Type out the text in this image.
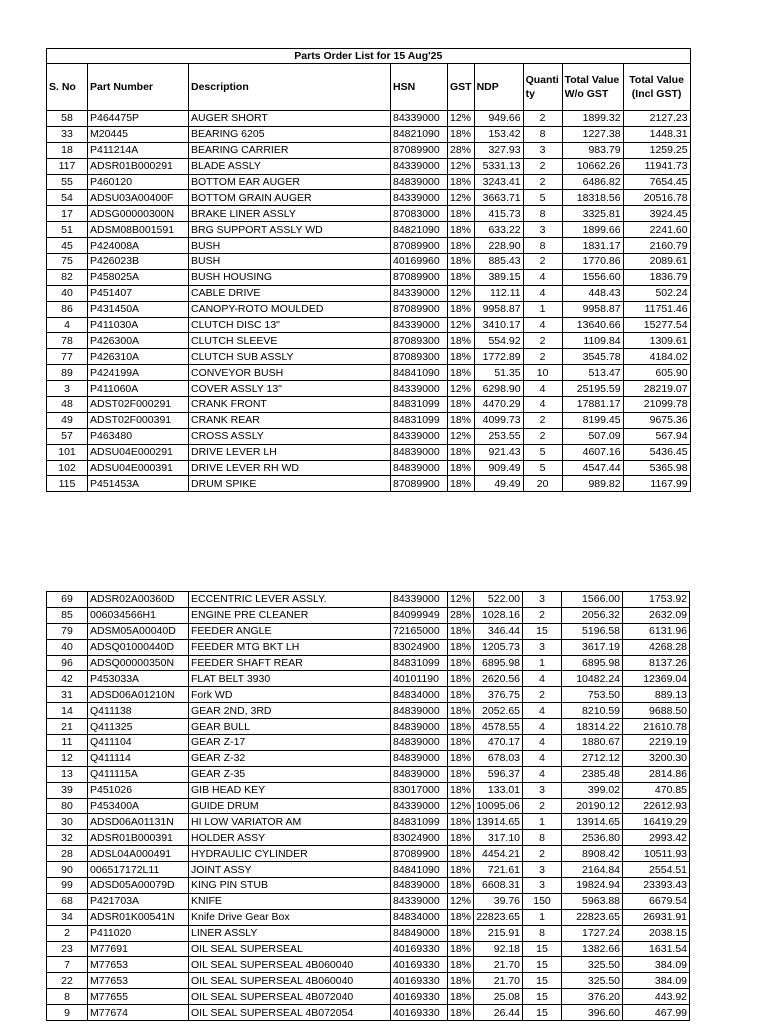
Parts Order List for 15 Aug'25								
S. No	Part Number	Description	HSN	GST	NDP	Quantity	Total Value W/o GST	Total Value (Incl GST)
58	P464475P	AUGER SHORT	84339000	12%	949.66	2	1899.32	2127.23
33	M20445	BEARING 6205	84821090	18%	153.42	8	1227.38	1448.31
18	P411214A	BEARING CARRIER	87089900	28%	327.93	3	983.79	1259.25
117	ADSR01B000291	BLADE ASSLY	84339000	12%	5331.13	2	10662.26	11941.73
55	P460120	BOTTOM EAR AUGER	84839000	18%	3243.41	2	6486.82	7654.45
54	ADSU03A00400F	BOTTOM GRAIN AUGER	84339000	12%	3663.71	5	18318.56	20516.78
17	ADSG00000300N	BRAKE LINER ASSLY	87083000	18%	415.73	8	3325.81	3924.45
51	ADSM08B001591	BRG SUPPORT ASSLY WD	84821090	18%	633.22	3	1899.66	2241.60
45	P424008A	BUSH	87089900	18%	228.90	8	1831.17	2160.79
75	P426023B	BUSH	40169960	18%	885.43	2	1770.86	2089.61
82	P458025A	BUSH HOUSING	87089900	18%	389.15	4	1556.60	1836.79
40	P451407	CABLE DRIVE	84339000	12%	112.11	4	448.43	502.24
86	P431450A	CANOPY-ROTO MOULDED	87089900	18%	9958.87	1	9958.87	11751.46
4	P411030A	CLUTCH DISC 13"	84339000	12%	3410.17	4	13640.66	15277.54
78	P426300A	CLUTCH SLEEVE	87089300	18%	554.92	2	1109.84	1309.61
77	P426310A	CLUTCH SUB ASSLY	87089300	18%	1772.89	2	3545.78	4184.02
89	P424199A	CONVEYOR BUSH	84841090	18%	51.35	10	513.47	605.90
3	P411060A	COVER ASSLY 13"	84339000	12%	6298.90	4	25195.59	28219.07
48	ADST02F000291	CRANK FRONT	84831099	18%	4470.29	4	17881.17	21099.78
49	ADST02F000391	CRANK REAR	84831099	18%	4099.73	2	8199.45	9675.36
57	P463480	CROSS ASSLY	84339000	12%	253.55	2	507.09	567.94
101	ADSU04E000291	DRIVE LEVER LH	84839000	18%	921.43	5	4607.16	5436.45
102	ADSU04E000391	DRIVE LEVER RH WD	84839000	18%	909.49	5	4547.44	5365.98
115	P451453A	DRUM SPIKE	87089900	18%	49.49	20	989.82	1167.99
69	ADSR02A00360D	ECCENTRIC LEVER ASSLY.	84339000	12%	522.00	3	1566.00	1753.92
85	006034566H1	ENGINE PRE CLEANER	84099949	28%	1028.16	2	2056.32	2632.09
79	ADSM05A00040D	FEEDER ANGLE	72165000	18%	346.44	15	5196.58	6131.96
40	ADSQ01000440D	FEEDER MTG BKT LH	83024900	18%	1205.73	3	3617.19	4268.28
96	ADSQ00000350N	FEEDER SHAFT REAR	84831099	18%	6895.98	1	6895.98	8137.26
42	P453033A	FLAT BELT 3930	40101190	18%	2620.56	4	10482.24	12369.04
31	ADSD06A01210N	Fork WD	84834000	18%	376.75	2	753.50	889.13
14	Q411138	GEAR 2ND, 3RD	84839000	18%	2052.65	4	8210.59	9688.50
21	Q411325	GEAR BULL	84839000	18%	4578.55	4	18314.22	21610.78
11	Q411104	GEAR Z-17	84839000	18%	470.17	4	1880.67	2219.19
12	Q411114	GEAR Z-32	84839000	18%	678.03	4	2712.12	3200.30
13	Q411115A	GEAR Z-35	84839000	18%	596.37	4	2385.48	2814.86
39	P451026	GIB HEAD KEY	83017000	18%	133.01	3	399.02	470.85
80	P453400A	GUIDE DRUM	84339000	12%	10095.06	2	20190.12	22612.93
30	ADSD06A01131N	HI LOW VARIATOR AM	84831099	18%	13914.65	1	13914.65	16419.29
32	ADSR01B000391	HOLDER ASSY	83024900	18%	317.10	8	2536.80	2993.42
28	ADSL04A000491	HYDRAULIC CYLINDER	87089900	18%	4454.21	2	8908.42	10511.93
90	006517172L11	JOINT ASSY	84841090	18%	721.61	3	2164.84	2554.51
99	ADSD05A00079D	KING PIN STUB	84839000	18%	6608.31	3	19824.94	23393.43
68	P421703A	KNIFE	84339000	12%	39.76	150	5963.88	6679.54
34	ADSR01K00541N	Knife Drive Gear Box	84834000	18%	22823.65	1	22823.65	26931.91
2	P411020	LINER ASSLY	84849000	18%	215.91	8	1727.24	2038.15
23	M77691	OIL SEAL SUPERSEAL	40169330	18%	92.18	15	1382.66	1631.54
7	M77653	OIL SEAL SUPERSEAL 4B060040	40169330	18%	21.70	15	325.50	384.09
22	M77653	OIL SEAL SUPERSEAL 4B060040	40169330	18%	21.70	15	325.50	384.09
8	M77655	OIL SEAL SUPERSEAL 4B072040	40169330	18%	25.08	15	376.20	443.92
9	M77674	OIL SEAL SUPERSEAL 4B072054	40169330	18%	26.44	15	396.60	467.99
